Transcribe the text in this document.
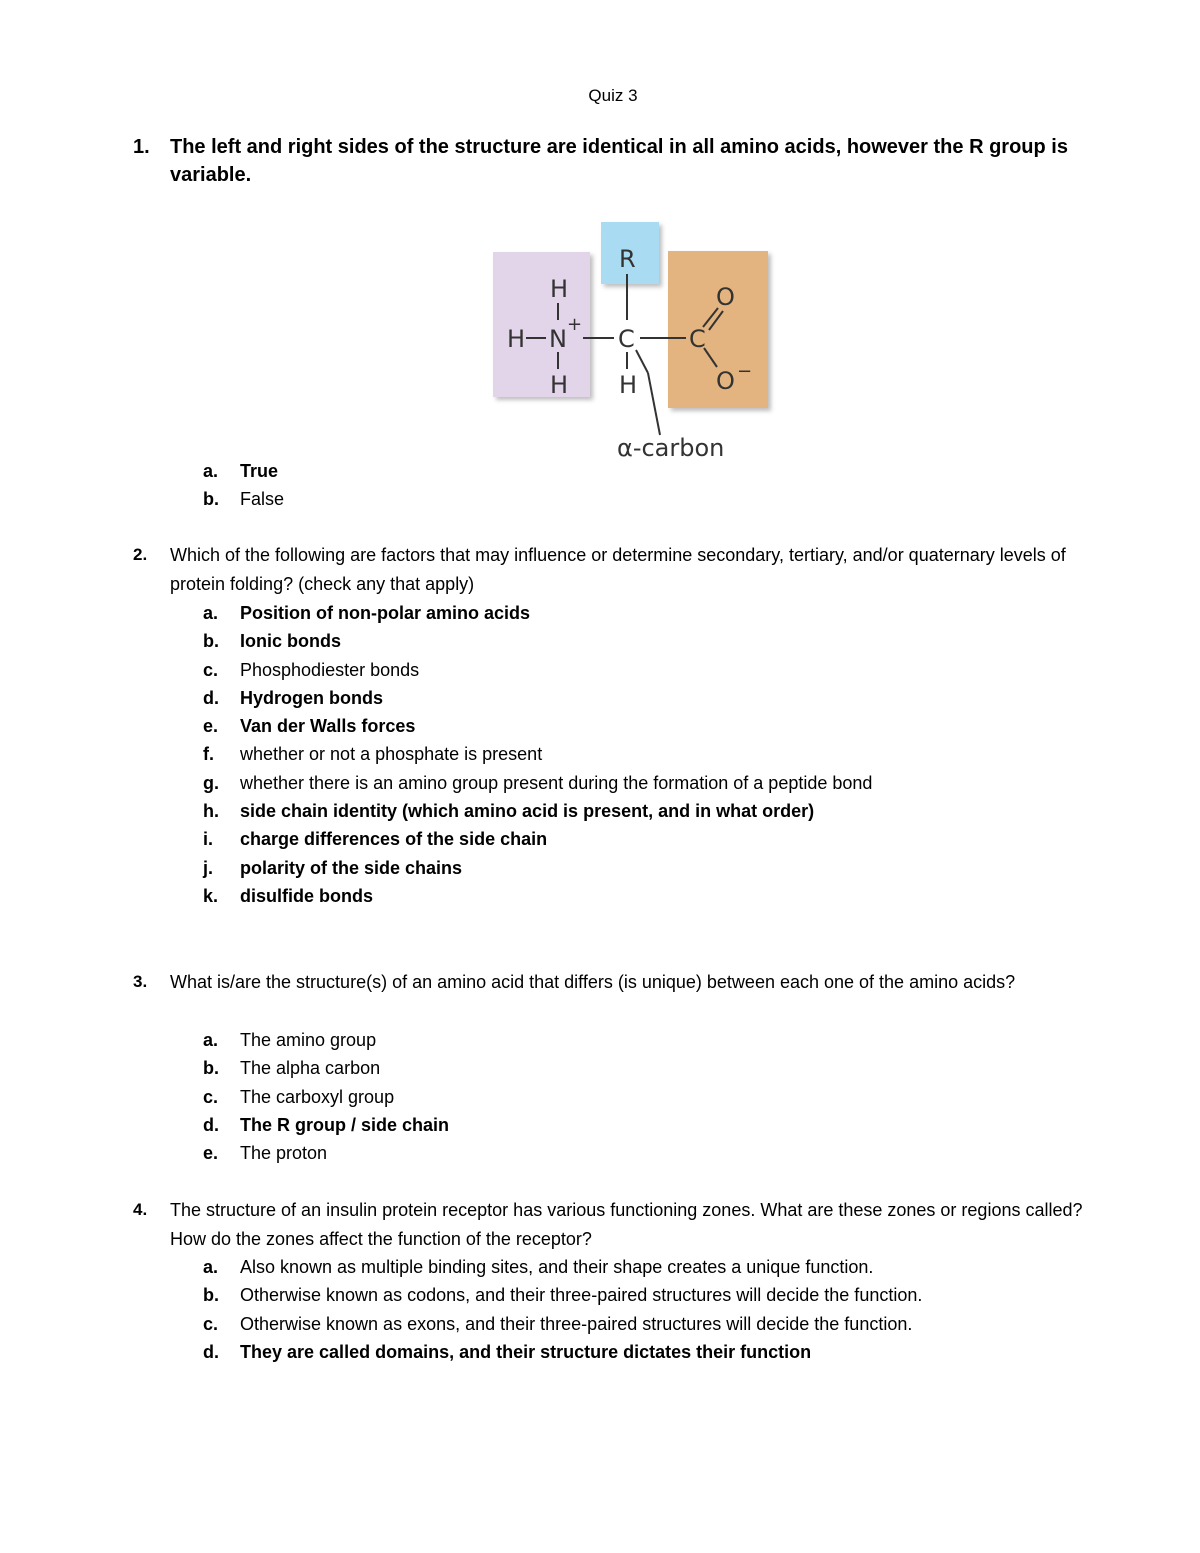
Quiz 3
1. The left and right sides of the structure are identical in all amino acids, however the R group is variable.
R
H
H N
+
H
C
H
C
O
O −
α-carbon
a. True
b. False
2. Which of the following are factors that may influence or determine secondary, tertiary, and/or quaternary levels of protein folding? (check any that apply)
a. Position of non-polar amino acids
b. Ionic bonds
c. Phosphodiester bonds
d. Hydrogen bonds
e. Van der Walls forces
f. whether or not a phosphate is present
g. whether there is an amino group present during the formation of a peptide bond
h. side chain identity (which amino acid is present, and in what order)
i. charge differences of the side chain
j. polarity of the side chains
k. disulfide bonds
3. What is/are the structure(s) of an amino acid that differs (is unique) between each one of the amino acids?
a. The amino group
b. The alpha carbon
c. The carboxyl group
d. The R group / side chain
e. The proton
4. The structure of an insulin protein receptor has various functioning zones. What are these zones or regions called? How do the zones affect the function of the receptor?
a. Also known as multiple binding sites, and their shape creates a unique function.
b. Otherwise known as codons, and their three-paired structures will decide the function.
c. Otherwise known as exons, and their three-paired structures will decide the function.
d. They are called domains, and their structure dictates their function
